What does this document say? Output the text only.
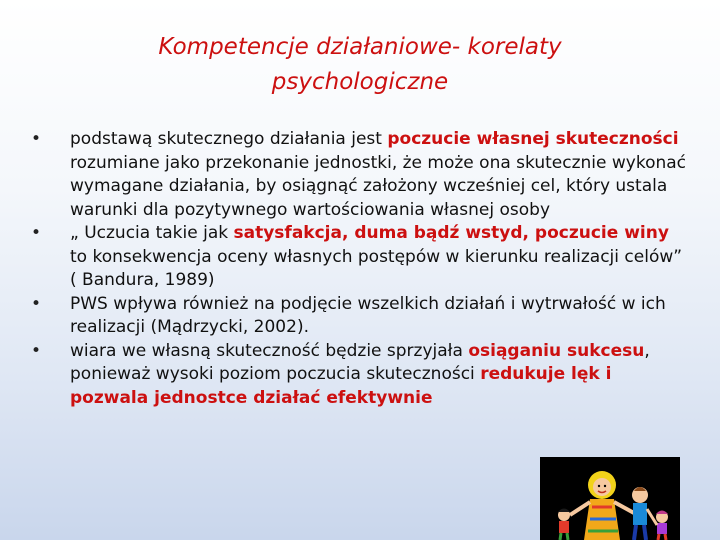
Kompetencje działaniowe- korelaty
psychologiczne
• podstawą skutecznego działania jest poczucie własnej skuteczności rozumiane jako przekonanie jednostki, że może ona skutecznie wykonać wymagane działania, by osiągnąć założony wcześniej cel, który ustala warunki dla pozytywnego wartościowania własnej osoby
• „ Uczucia takie jak satysfakcja, duma bądź wstyd, poczucie winy to konsekwencja oceny własnych postępów w kierunku realizacji celów” ( Bandura, 1989)
• PWS wpływa również na podjęcie wszelkich działań i wytrwałość w ich realizacji (Mądrzycki, 2002).
• wiara we własną skuteczność będzie sprzyjała osiąganiu sukcesu, ponieważ wysoki poziom poczucia skuteczności redukuje lęk i pozwala jednostce działać efektywnie
